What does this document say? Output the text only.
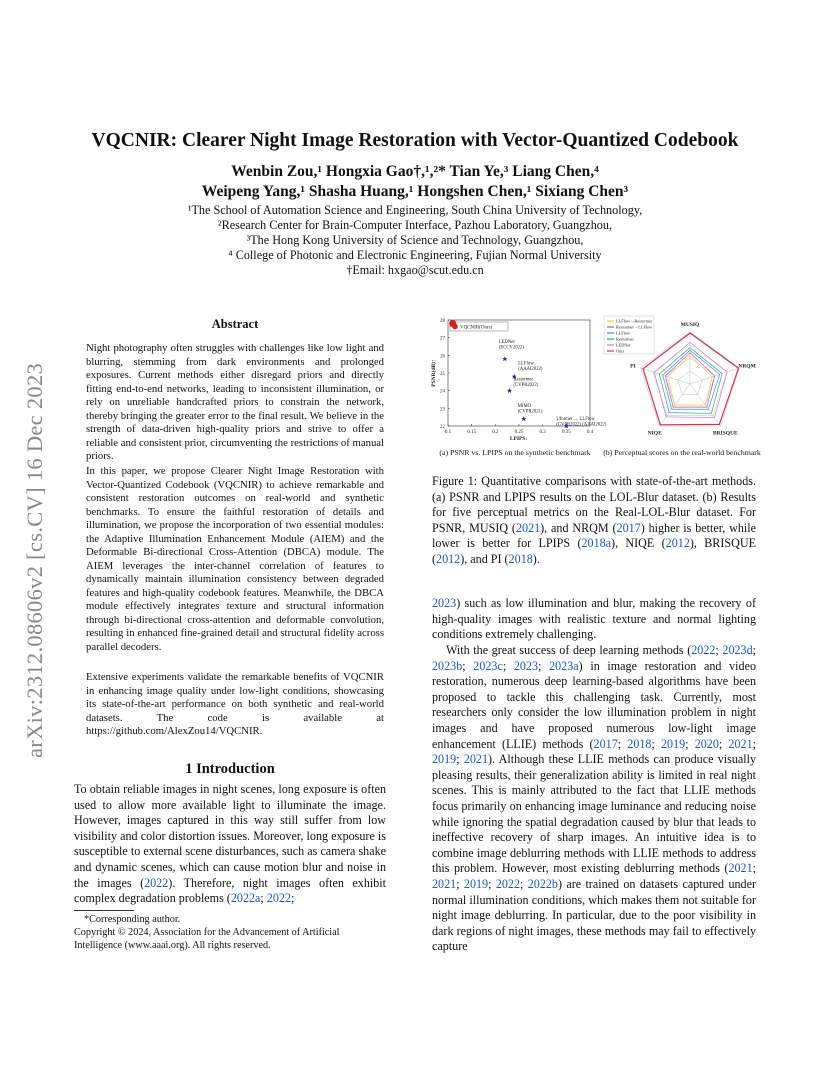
arXiv:2312.08606v2 [cs.CV] 16 Dec 2023
VQCNIR: Clearer Night Image Restoration with Vector-Quantized Codebook
Wenbin Zou,¹ Hongxia Gao†,¹,²* Tian Ye,³ Liang Chen,⁴
Weipeng Yang,¹ Shasha Huang,¹ Hongshen Chen,¹ Sixiang Chen³
¹The School of Automation Science and Engineering, South China University of Technology,
²Research Center for Brain-Computer Interface, Pazhou Laboratory, Guangzhou,
³The Hong Kong University of Science and Technology, Guangzhou,
⁴ College of Photonic and Electronic Engineering, Fujian Normal University
†Email: hxgao@scut.edu.cn
Abstract
Night photography often struggles with challenges like low light and blurring, stemming from dark environments and prolonged exposures. Current methods either disregard priors and directly fitting end-to-end networks, leading to inconsistent illumination, or rely on unreliable handcrafted priors to constrain the network, thereby bringing the greater error to the final result. We believe in the strength of data-driven high-quality priors and strive to offer a reliable and consistent prior, circumventing the restrictions of manual priors.
In this paper, we propose Clearer Night Image Restoration with Vector-Quantized Codebook (VQCNIR) to achieve remarkable and consistent restoration outcomes on real-world and synthetic benchmarks. To ensure the faithful restoration of details and illumination, we propose the incorporation of two essential modules: the Adaptive Illumination Enhancement Module (AIEM) and the Deformable Bi-directional Cross-Attention (DBCA) module. The AIEM leverages the inter-channel correlation of features to dynamically maintain illumination consistency between degraded features and high-quality codebook features. Meanwhile, the DBCA module effectively integrates texture and structural information through bi-directional cross-attention and deformable convolution, resulting in enhanced fine-grained detail and structural fidelity across parallel decoders.
Extensive experiments validate the remarkable benefits of VQCNIR in enhancing image quality under low-light conditions, showcasing its state-of-the-art performance on both synthetic and real-world datasets. The code is available at https://github.com/AlexZou14/VQCNIR.
1 Introduction
To obtain reliable images in night scenes, long exposure is often used to allow more available light to illuminate the image. However, images captured in this way still suffer from low visibility and color distortion issues. Moreover, long exposure is susceptible to external scene disturbances, such as camera shake and dynamic scenes, which can cause motion blur and noise in the images (2022). Therefore, night images often exhibit complex degradation problems (2022a; 2022;
*Corresponding author.
Copyright © 2024, Association for the Advancement of Artificial Intelligence (www.aaai.org). All rights reserved.
22
23
24
25
26
27
28
0.1	0.15	0.2	0.25	0.3	0.35	0.4
LPIPS↓
PSNR(dB)↑
VQCNIR(Ours)
LEDNet
(ECCV2022)
LLFlow
(AAAI2022)
Restormer
(CVPR2022)
MIMO
(CVPR2021)
Uformer → LLFlow
(CVPR2022) (AAAI2022)
MUSIQ
NRQM
BRISQUE
NIQE
PI
LLFlow→Restormer
Restormer→LLFlow
LLFlow
Restormer
LEDNet
Ours
(a) PSNR vs. LPIPS on the synthetic benchmark	(b) Perceptual scores on the real-world benchmark
Figure 1: Quantitative comparisons with state-of-the-art methods. (a) PSNR and LPIPS results on the LOL-Blur dataset. (b) Results for five perceptual metrics on the Real-LOL-Blur dataset. For PSNR, MUSIQ (2021), and NRQM (2017) higher is better, while lower is better for LPIPS (2018a), NIQE (2012), BRISQUE (2012), and PI (2018).
2023) such as low illumination and blur, making the recovery of high-quality images with realistic texture and normal lighting conditions extremely challenging.
With the great success of deep learning methods (2022; 2023d; 2023b; 2023c; 2023; 2023a) in image restoration and video restoration, numerous deep learning-based algorithms have been proposed to tackle this challenging task. Currently, most researchers only consider the low illumination problem in night images and have proposed numerous low-light image enhancement (LLIE) methods (2017; 2018; 2019; 2020; 2021; 2019; 2021). Although these LLIE methods can produce visually pleasing results, their generalization ability is limited in real night scenes. This is mainly attributed to the fact that LLIE methods focus primarily on enhancing image luminance and reducing noise while ignoring the spatial degradation caused by blur that leads to ineffective recovery of sharp images. An intuitive idea is to combine image deblurring methods with LLIE methods to address this problem. However, most existing deblurring methods (2021; 2021; 2019; 2022; 2022b) are trained on datasets captured under normal illumination conditions, which makes them not suitable for night image deblurring. In particular, due to the poor visibility in dark regions of night images, these methods may fail to effectively capture
